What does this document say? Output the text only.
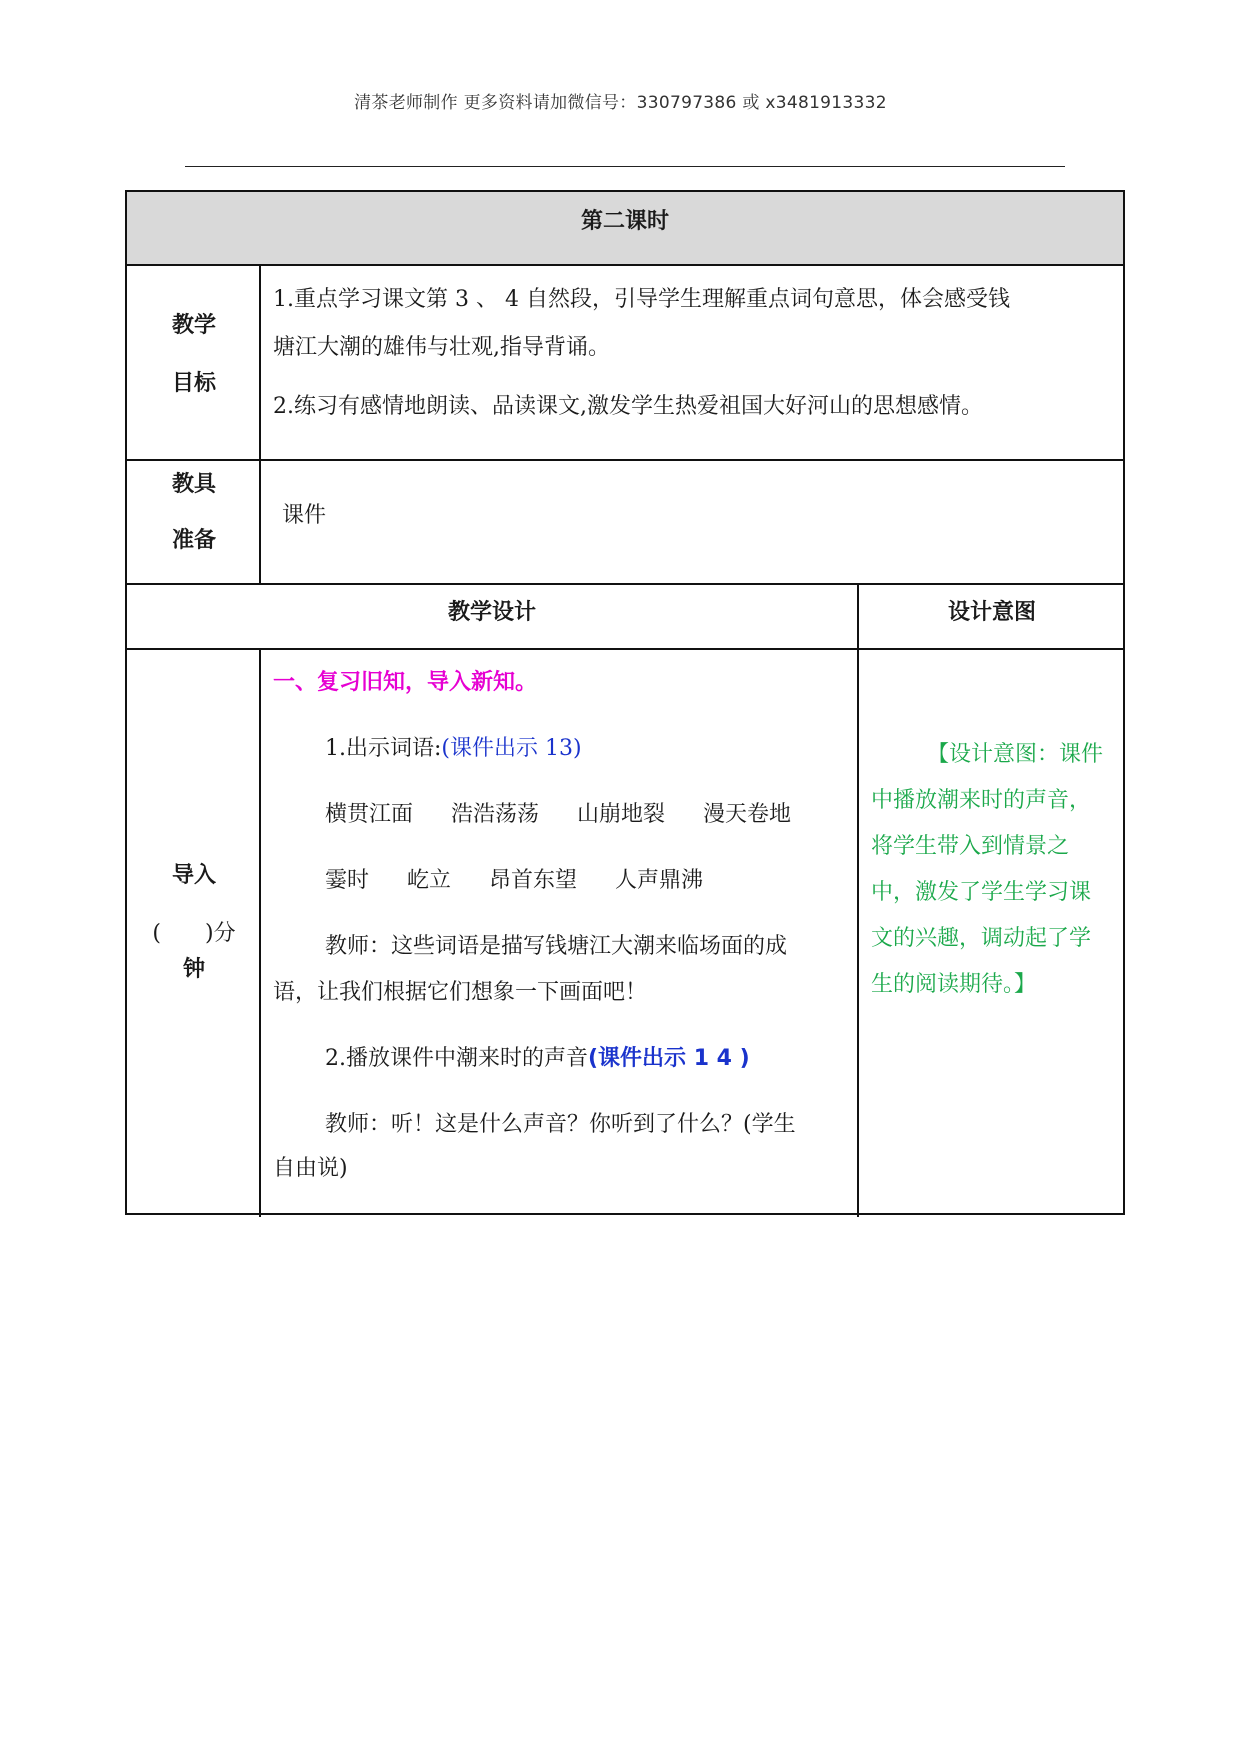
清茶老师制作 更多资料请加微信号：330797386 或 x3481913332
第二课时
教学
目标
1.重点学习课文第 3 、 4 自然段，引导学生理解重点词句意思，体会感受钱
塘江大潮的雄伟与壮观,指导背诵。
2.练习有感情地朗读、品读课文,激发学生热爱祖国大好河山的思想感情。
教具
准备
课件
教学设计	设计意图
导入
(　　)分
钟
一、复习旧知，导入新知。
1.出示词语:(课件出示 13)
横贯江面 浩浩荡荡 山崩地裂 漫天卷地
霎时 屹立 昂首东望 人声鼎沸
教师：这些词语是描写钱塘江大潮来临场面的成
语，让我们根据它们想象一下画面吧！
2.播放课件中潮来时的声音(课件出示 1 4 )
教师：听！这是什么声音？你听到了什么？(学生
自由说)
【设计意图：课件
中播放潮来时的声音，
将学生带入到情景之
中，激发了学生学习课
文的兴趣，调动起了学
生的阅读期待。】
